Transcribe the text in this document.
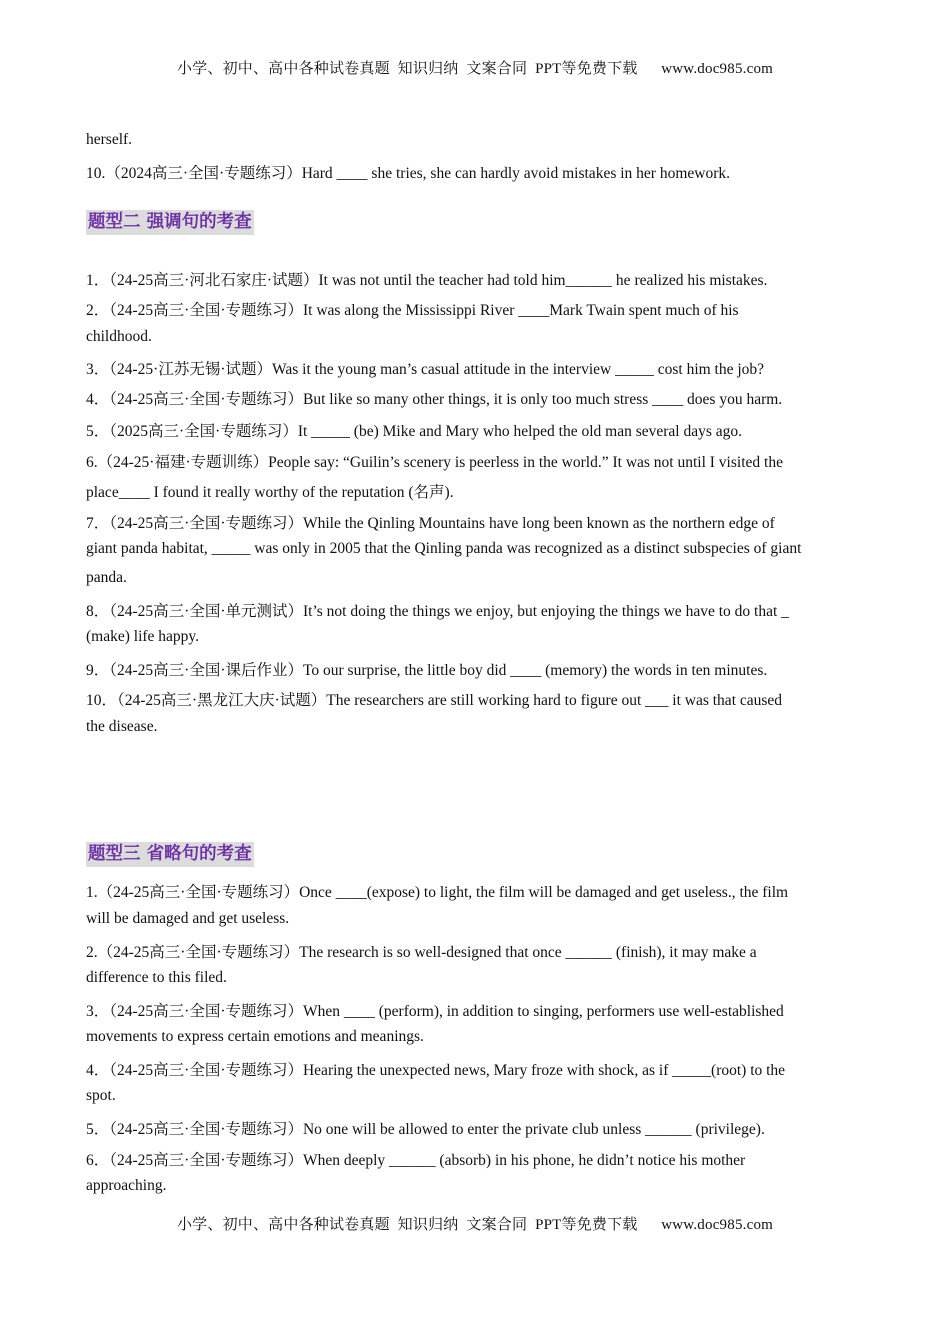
小学、初中、高中各种试卷真题  知识归纳  文案合同  PPT等免费下载      www.doc985.com
herself.
10.（2024高三·全国·专题练习）Hard ____ she tries, she can hardly avoid mistakes in her homework.
题型二 强调句的考查
1．（24-25高三·河北石家庄·试题）It was not until the teacher had told him______ he realized his mistakes.
2．（24-25高三·全国·专题练习）It was along the Mississippi River ____Mark Twain spent much of his
childhood.
3．（24-25·江苏无锡·试题）Was it the young man’s casual attitude in the interview _____ cost him the job?
4．（24-25高三·全国·专题练习）But like so many other things, it is only too much stress ____ does you harm.
5．（2025高三·全国·专题练习）It _____ (be) Mike and Mary who helped the old man several days ago.
6.（24-25·福建·专题训练）People say: “Guilin’s scenery is peerless in the world.” It was not until I visited the
place____ I found it really worthy of the reputation (名声).
7．（24-25高三·全国·专题练习）While the Qinling Mountains have long been known as the northern edge of
giant panda habitat, _____ was only in 2005 that the Qinling panda was recognized as a distinct subspecies of giant
panda.
8．（24-25高三·全国·单元测试）It’s not doing the things we enjoy, but enjoying the things we have to do that _
(make) life happy.
9．（24-25高三·全国·课后作业）To our surprise, the little boy did ____ (memory) the words in ten minutes.
10．（24-25高三·黑龙江大庆·试题）The researchers are still working hard to figure out ___ it was that caused
the disease.
题型三 省略句的考查
1.（24-25高三·全国·专题练习）Once ____(expose) to light, the film will be damaged and get useless., the film
will be damaged and get useless.
2.（24-25高三·全国·专题练习）The research is so well-designed that once ______ (finish), it may make a
difference to this filed.
3．（24-25高三·全国·专题练习）When ____ (perform), in addition to singing, performers use well-established
movements to express certain emotions and meanings.
4．（24-25高三·全国·专题练习）Hearing the unexpected news, Mary froze with shock, as if _____(root) to the
spot.
5．（24-25高三·全国·专题练习）No one will be allowed to enter the private club unless ______ (privilege).
6．（24-25高三·全国·专题练习）When deeply ______ (absorb) in his phone, he didn’t notice his mother
approaching.
小学、初中、高中各种试卷真题  知识归纳  文案合同  PPT等免费下载      www.doc985.com
